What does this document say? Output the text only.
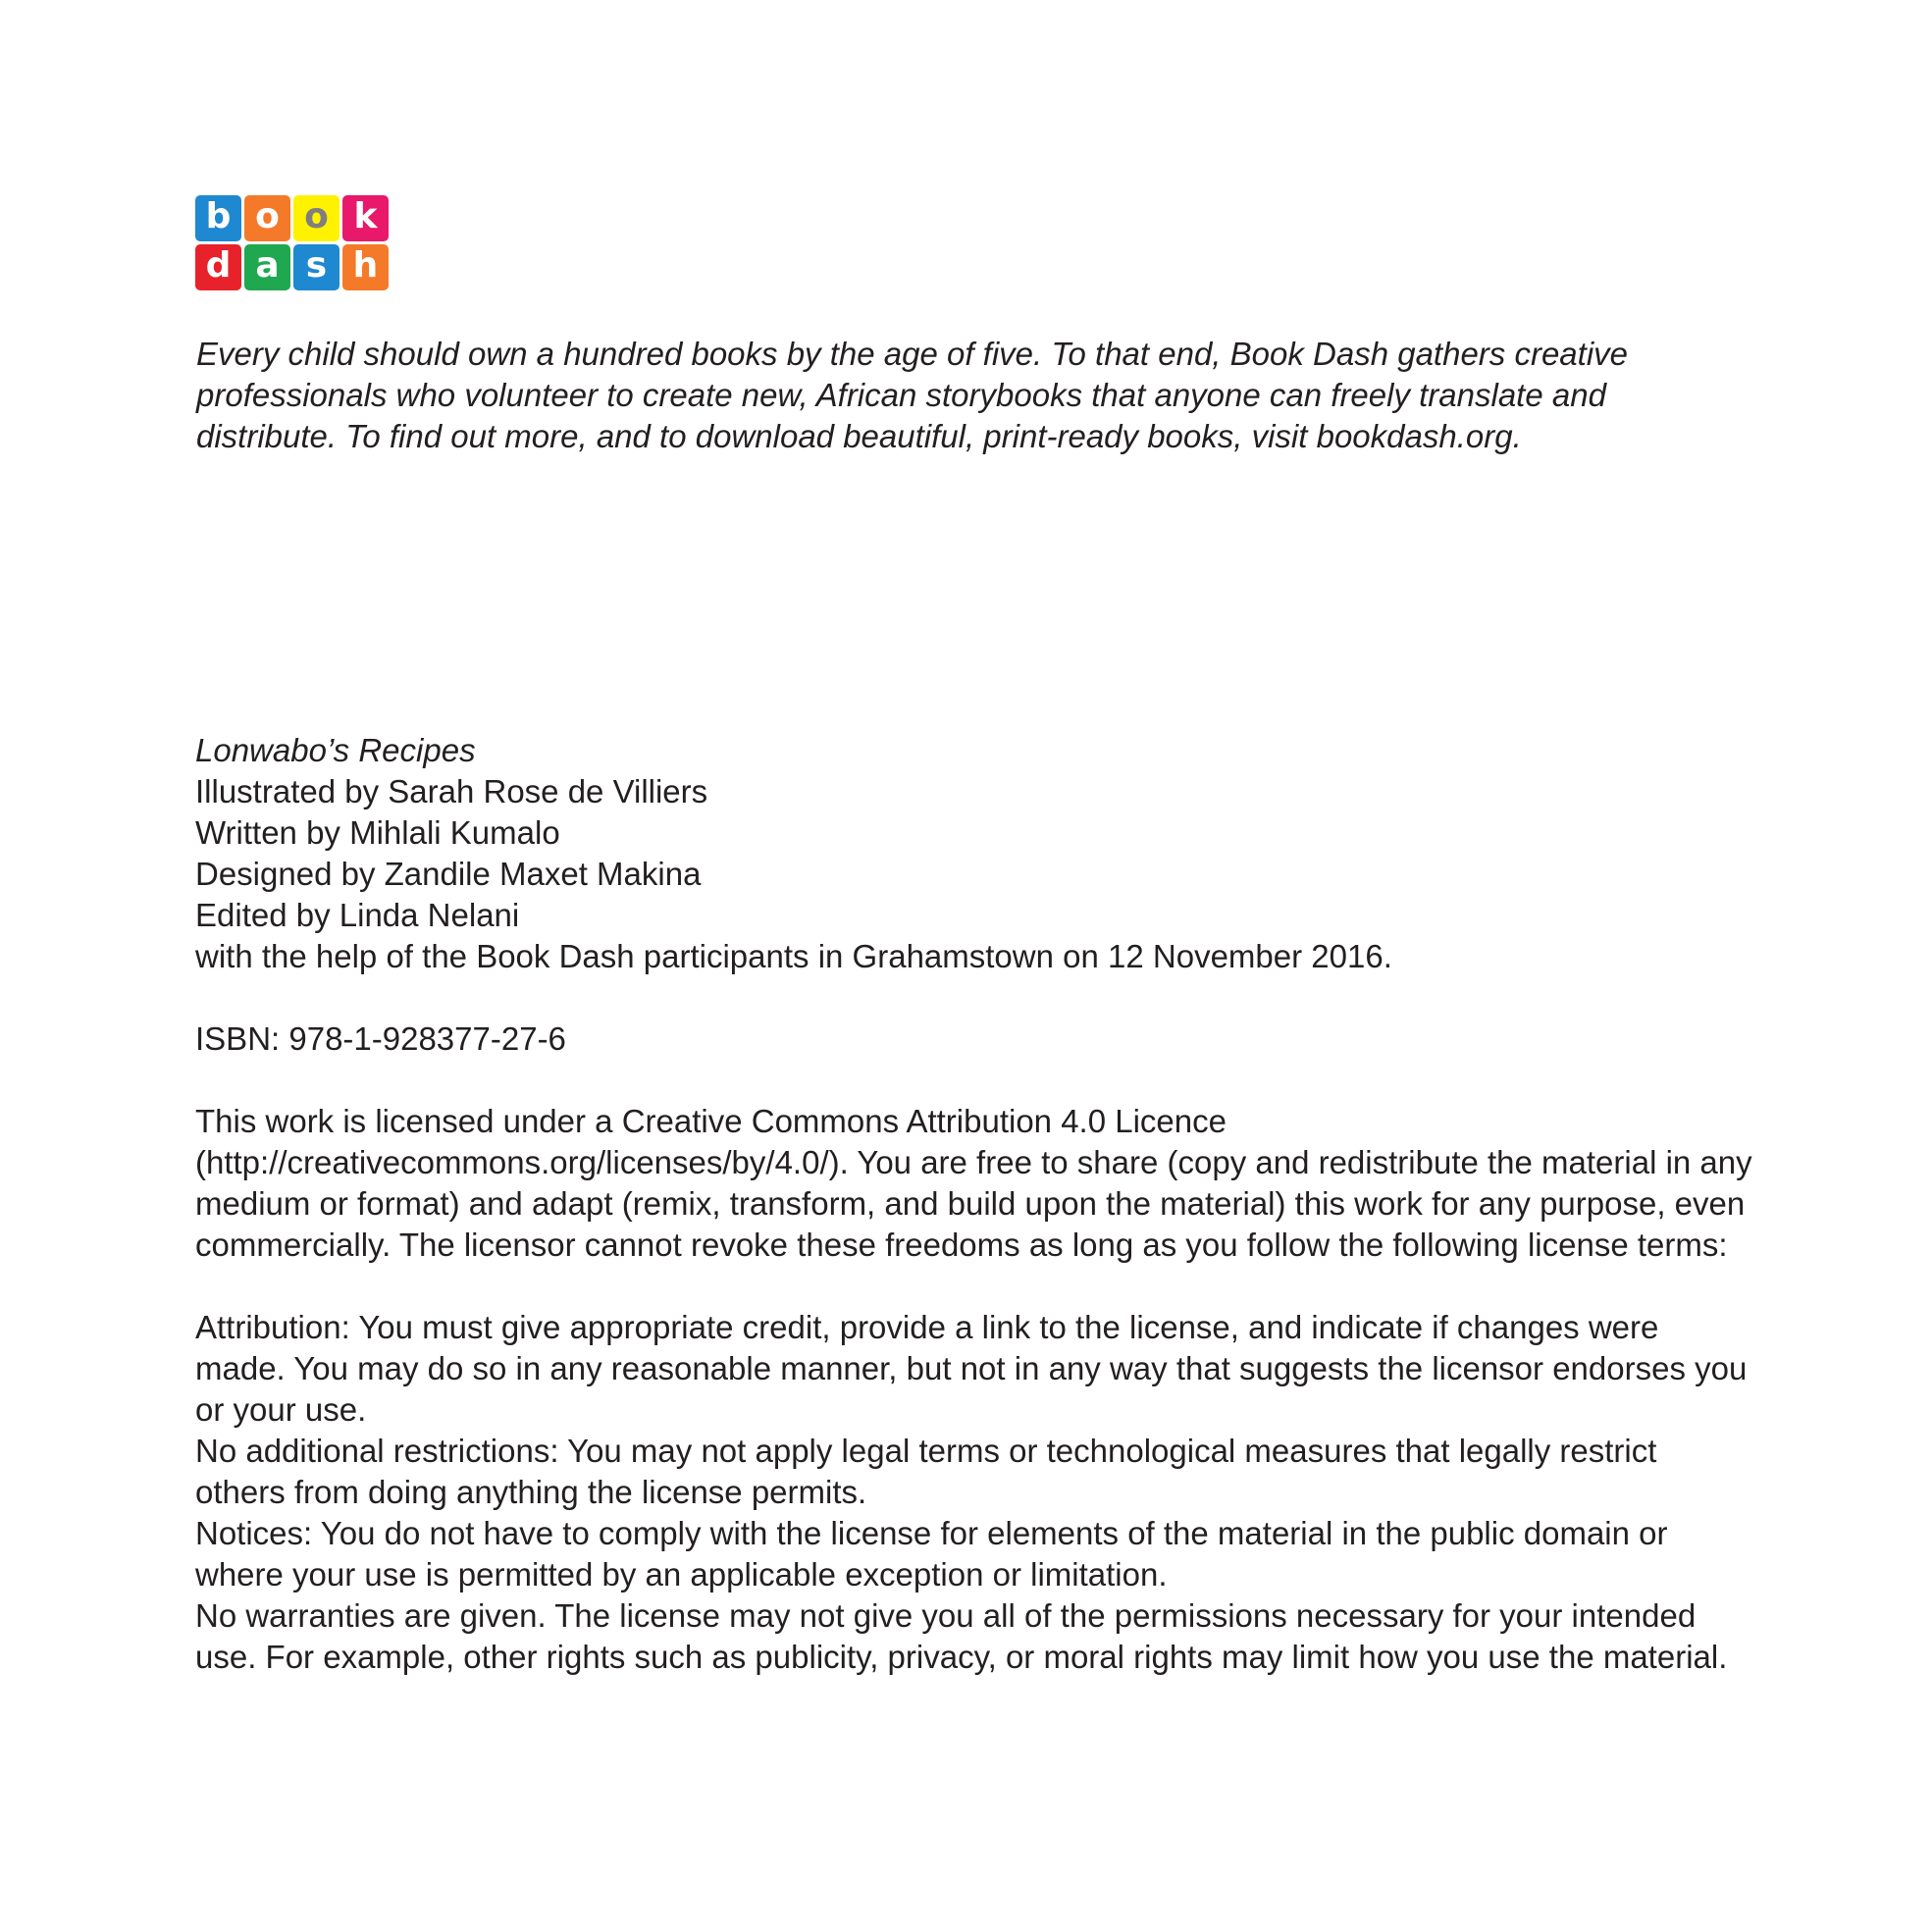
b o o k
d a s h

Every child should own a hundred books by the age of five. To that end, Book Dash gathers creative professionals who volunteer to create new, African storybooks that anyone can freely translate and distribute. To find out more, and to download beautiful, print-ready books, visit bookdash.org.

Lonwabo’s Recipes
Illustrated by Sarah Rose de Villiers
Written by Mihlali Kumalo
Designed by Zandile Maxet Makina
Edited by Linda Nelani
with the help of the Book Dash participants in Grahamstown on 12 November 2016.
ISBN: 978-1-928377-27-6

This work is licensed under a Creative Commons Attribution 4.0 Licence (http://creativecommons.org/licenses/by/4.0/). You are free to share (copy and redistribute the material in any medium or format) and adapt (remix, transform, and build upon the material) this work for any purpose, even commercially. The licensor cannot revoke these freedoms as long as you follow the following license terms:

Attribution: You must give appropriate credit, provide a link to the license, and indicate if changes were made. You may do so in any reasonable manner, but not in any way that suggests the licensor endorses you or your use.

No additional restrictions: You may not apply legal terms or technological measures that legally restrict others from doing anything the license permits.

Notices: You do not have to comply with the license for elements of the material in the public domain or where your use is permitted by an applicable exception or limitation.

No warranties are given. The license may not give you all of the permissions necessary for your intended use. For example, other rights such as publicity, privacy, or moral rights may limit how you use the material.
